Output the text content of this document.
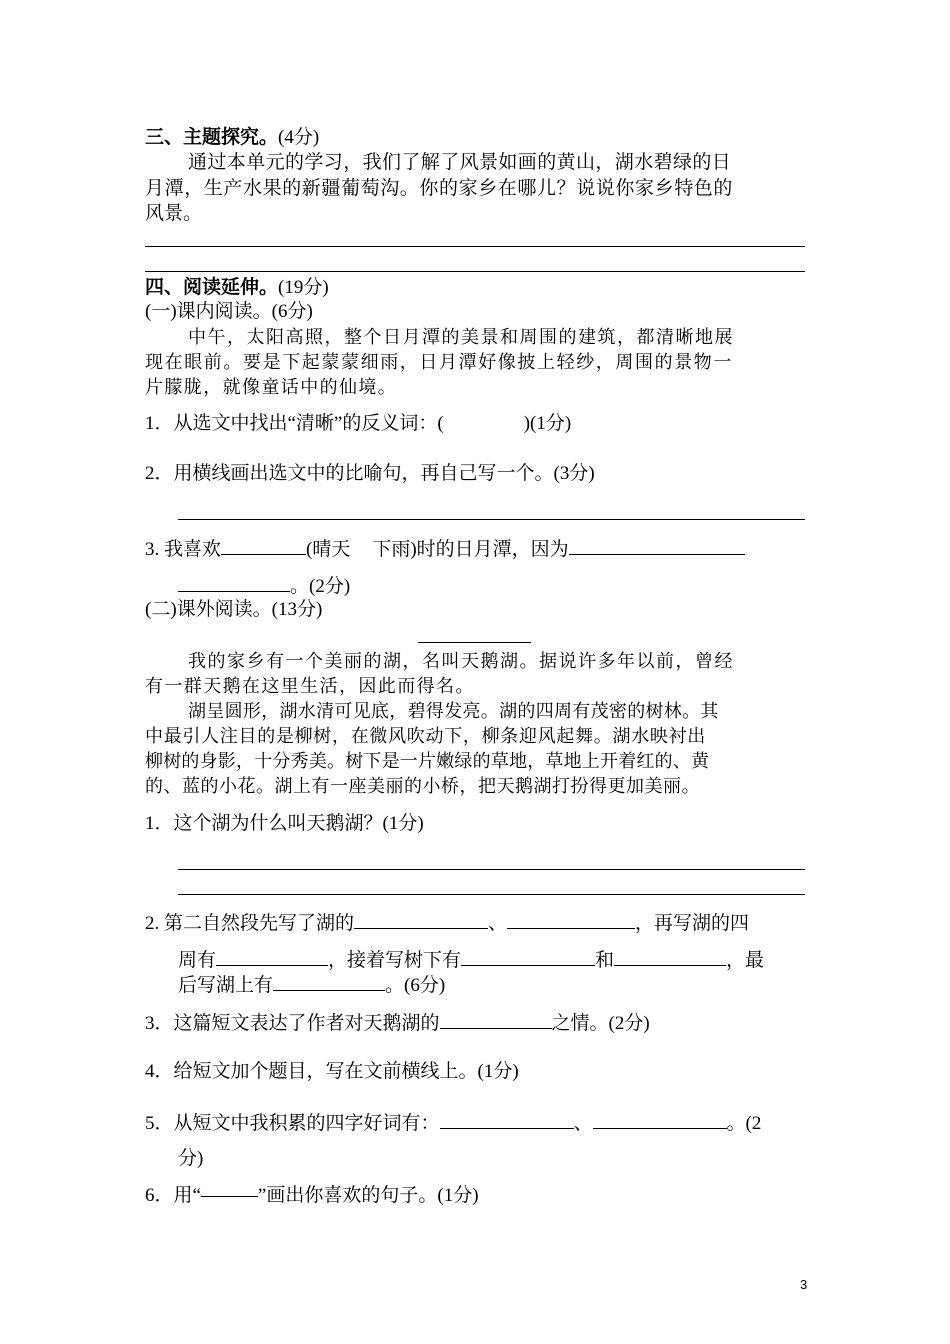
三、主题探究。(4分)
通过本单元的学习，我们了解了风景如画的黄山，湖水碧绿的日
月潭，生产水果的新疆葡萄沟。你的家乡在哪儿？说说你家乡特色的
风景。
四、阅读延伸。(19分)
(一)课内阅读。(6分)
中午，太阳高照，整个日月潭的美景和周围的建筑，都清晰地展
现在眼前。要是下起蒙蒙细雨，日月潭好像披上轻纱，周围的景物一
片朦胧，就像童话中的仙境。
1．从选文中找出“清晰”的反义词：(	)(1分)
2．用横线画出选文中的比喻句，再自己写一个。(3分)
3. 我喜欢	(晴天 下雨)时的日月潭，因为
。(2分)
(二)课外阅读。(13分)
我的家乡有一个美丽的湖，名叫天鹅湖。据说许多年以前，曾经
有一群天鹅在这里生活，因此而得名。
湖呈圆形，湖水清可见底，碧得发亮。湖的四周有茂密的树林。其
中最引人注目的是柳树，在微风吹动下，柳条迎风起舞。湖水映衬出
柳树的身影，十分秀美。树下是一片嫩绿的草地，草地上开着红的、黄
的、蓝的小花。湖上有一座美丽的小桥，把天鹅湖打扮得更加美丽。
1．这个湖为什么叫天鹅湖？(1分)
2. 第二自然段先写了湖的	、	，再写湖的四
周有	，接着写树下有	和	，最
后写湖上有	。(6分)
3．这篇短文表达了作者对天鹅湖的	之情。(2分)
4．给短文加个题目，写在文前横线上。(1分)
5．从短文中我积累的四字好词有：	、	。(2
分)
6．用“———”画出你喜欢的句子。(1分)
3
